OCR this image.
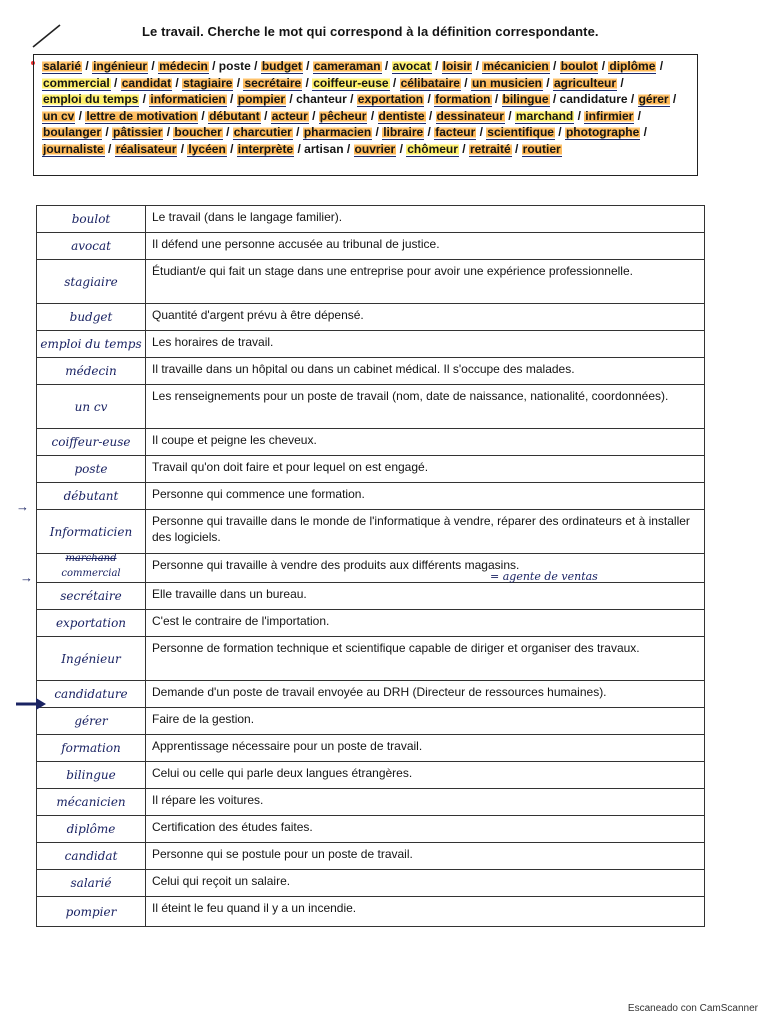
Le travail. Cherche le mot qui correspond à la définition correspondante.
salarié / ingénieur / médecin / poste / budget / cameraman / avocat / loisir / mécanicien / boulot / diplôme / commercial / candidat / stagiaire / secrétaire / coiffeur-euse / célibataire / un musicien / agriculteur / emploi du temps / informaticien / pompier / chanteur / exportation / formation / bilingue / candidature / gérer / un cv / lettre de motivation / débutant / acteur / pêcheur / dentiste / dessinateur / marchand / infirmier / boulanger / pâtissier / boucher / charcutier / pharmacien / libraire / facteur / scientifique / photographe / journaliste / réalisateur / lycéen / interprète / artisan / ouvrier / chômeur / retraité / routier
boulot	Le travail (dans le langage familier).
avocat	Il défend une personne accusée au tribunal de justice.
stagiaire	Étudiant/e qui fait un stage dans une entreprise pour avoir une expérience professionnelle.
budget	Quantité d'argent prévu à être dépensé.
emploi du temps	Les horaires de travail.
médecin	Il travaille dans un hôpital ou dans un cabinet médical. Il s'occupe des malades.
un cv	Les renseignements pour un poste de travail (nom, date de naissance, nationalité, coordonnées).
coiffeur-euse	Il coupe et peigne les cheveux.
poste	Travail qu'on doit faire et pour lequel on est engagé.
débutant	Personne qui commence une formation.
Informaticien	Personne qui travaille dans le monde de l'informatique à vendre, réparer des ordinateurs et à installer des logiciels.

marchand
commercial	Personne qui travaille à vendre des produits aux différents magasins.
secrétaire	Elle travaille dans un bureau.
exportation	C'est le contraire de l'importation.
Ingénieur	Personne de formation technique et scientifique capable de diriger et organiser des travaux.
candidature	Demande d'un poste de travail envoyée au DRH (Directeur de ressources humaines).
gérer	Faire de la gestion.
formation	Apprentissage nécessaire pour un poste de travail.
bilingue	Celui ou celle qui parle deux langues étrangères.
mécanicien	Il répare les voitures.
diplôme	Certification des études faites.
candidat	Personne qui se postule pour un poste de travail.
salarié	Celui qui reçoit un salaire.
pompier	Il éteint le feu quand il y a un incendie.
= agente de ventas
→
→
Escaneado con CamScanner
